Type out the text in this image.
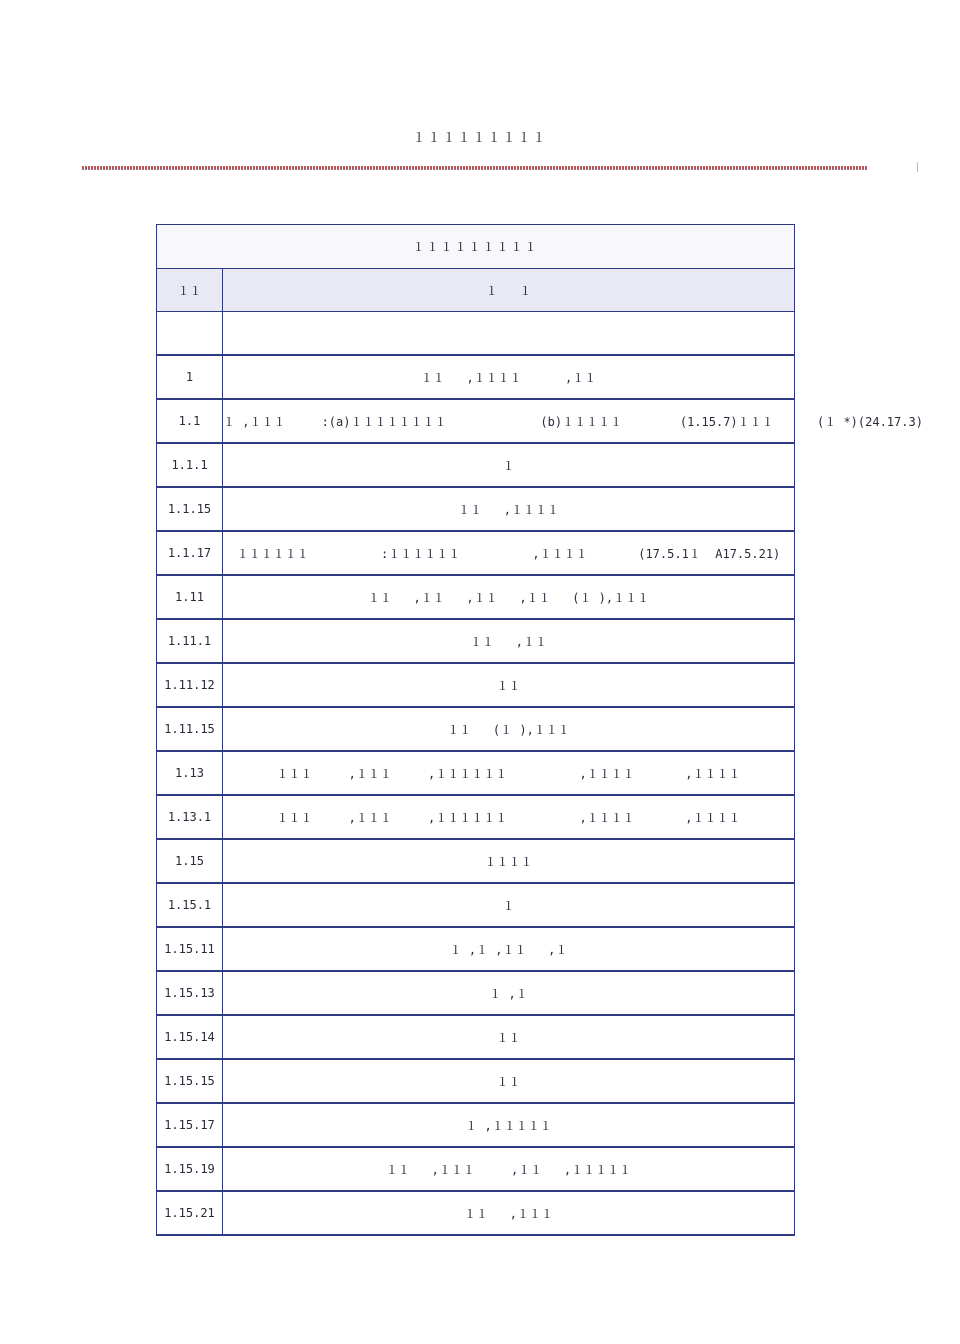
１１１１１１１１１
１１１１１１１１１	
１１	１   １

1	１１   ,１１１１      ,１１
1.1	１ ,１１１     :(a)１１１１１１１１             (b)１１１１１        (1.15.7)１１１      (１ *)(24.17.3)
1.1.1	１
1.1.15	１１   ,１１１１
1.1.17	１１１１１１          :１１１１１１          ,１１１１       (17.5.1１  A17.5.21)
1.11	１１   ,１１   ,１１   ,１１   (１ ),１１１
1.11.1	１１   ,１１
1.11.12	１１
1.11.15	１１   (１ ),１１１
1.13	１１１     ,１１１     ,１１１１１１          ,１１１１       ,１１１１
1.13.1	１１１     ,１１１     ,１１１１１１          ,１１１１       ,１１１１
1.15	１１１１
1.15.1	１
1.15.11	１ ,１ ,１１   ,１
1.15.13	１ ,１
1.15.14	１１
1.15.15	１１
1.15.17	１ ,１１１１１
1.15.19	１１   ,１１１     ,１１   ,１１１１１
1.15.21	１１   ,１１１
